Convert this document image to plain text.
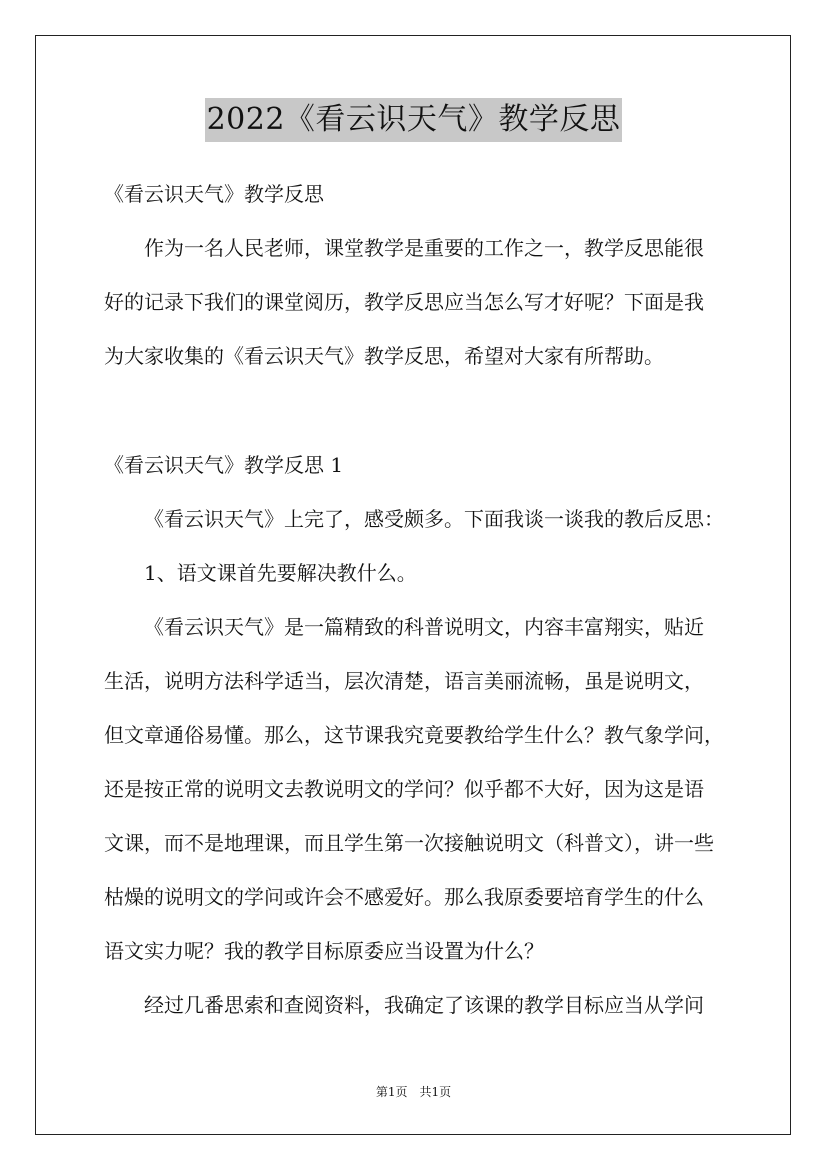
2022《看云识天气》教学反思
《看云识天气》教学反思
作为一名人民老师，课堂教学是重要的工作之一，教学反思能很
好的记录下我们的课堂阅历，教学反思应当怎么写才好呢？下面是我
为大家收集的《看云识天气》教学反思，希望对大家有所帮助。
《看云识天气》教学反思 1
《看云识天气》上完了，感受颇多。下面我谈一谈我的教后反思：
1、语文课首先要解决教什么。
《看云识天气》是一篇精致的科普说明文，内容丰富翔实，贴近
生活，说明方法科学适当，层次清楚，语言美丽流畅，虽是说明文，
但文章通俗易懂。那么，这节课我究竟要教给学生什么？教气象学问，
还是按正常的说明文去教说明文的学问？似乎都不大好，因为这是语
文课，而不是地理课，而且学生第一次接触说明文（科普文），讲一些
枯燥的说明文的学问或许会不感爱好。那么我原委要培育学生的什么
语文实力呢？我的教学目标原委应当设置为什么？
经过几番思索和查阅资料，我确定了该课的教学目标应当从学问
第1页　共1页
